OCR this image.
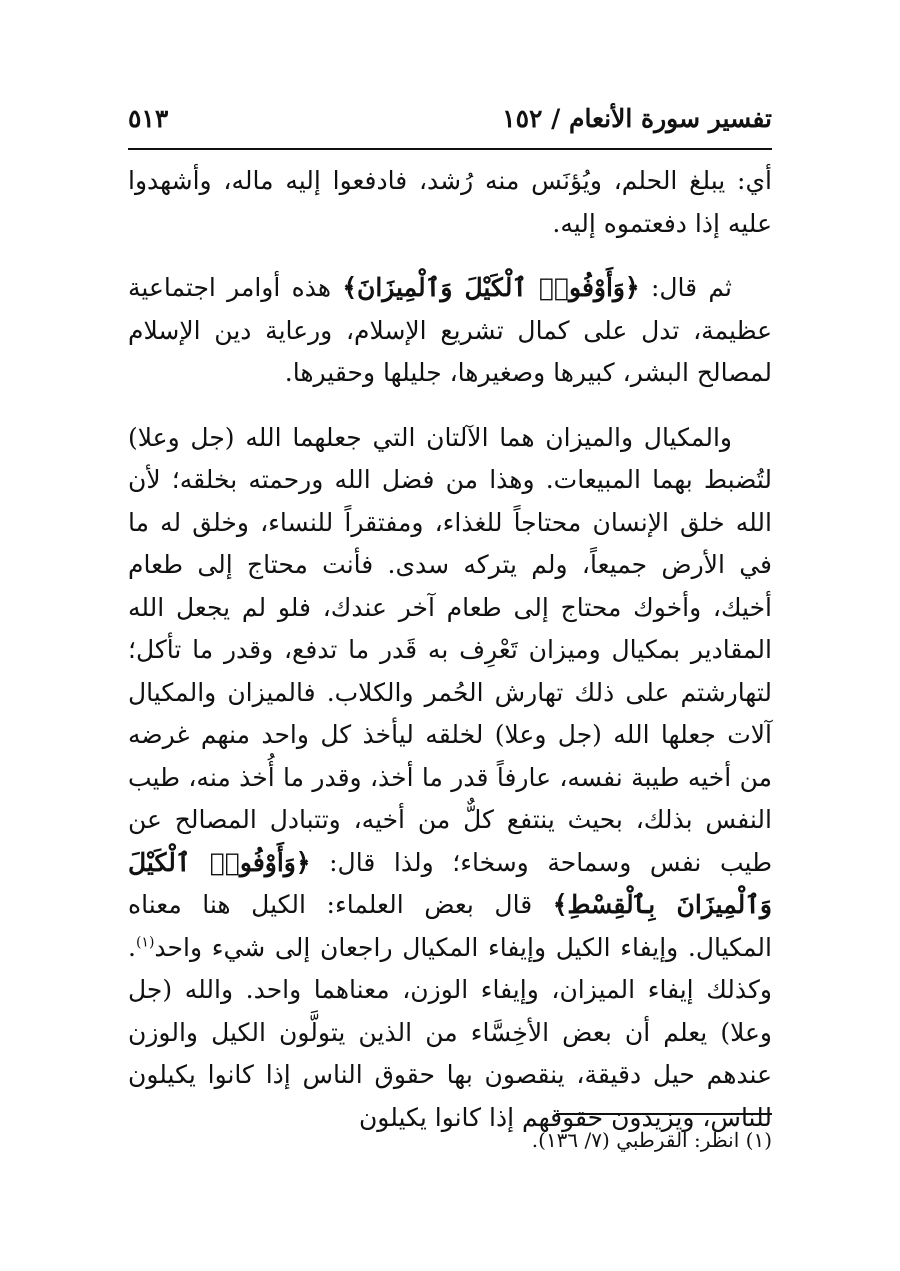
تفسير سورة الأنعام / ١٥٢
٥١٣

أي: يبلغ الحلم، ويُؤنَس منه رُشد، فادفعوا إليه ماله، وأشهدوا عليه إذا دفعتموه إليه.

ثم قال: ﴿وَأَوْفُوا۟ ٱلْكَيْلَ وَٱلْمِيزَانَ﴾ هذه أوامر اجتماعية عظيمة، تدل على كمال تشريع الإسلام، ورعاية دين الإسلام لمصالح البشر، كبيرها وصغيرها، جليلها وحقيرها.

والمكيال والميزان هما الآلتان التي جعلهما الله (جل وعلا) لتُضبط بهما المبيعات. وهذا من فضل الله ورحمته بخلقه؛ لأن الله خلق الإنسان محتاجاً للغذاء، ومفتقراً للنساء، وخلق له ما في الأرض جميعاً، ولم يتركه سدى. فأنت محتاج إلى طعام أخيك، وأخوك محتاج إلى طعام آخر عندك، فلو لم يجعل الله المقادير بمكيال وميزان تَعْرِف به قَدر ما تدفع، وقدر ما تأكل؛ لتهارشتم على ذلك تهارش الحُمر والكلاب. فالميزان والمكيال آلات جعلها الله (جل وعلا) لخلقه ليأخذ كل واحد منهم غرضه من أخيه طيبة نفسه، عارفاً قدر ما أخذ، وقدر ما أُخذ منه، طيب النفس بذلك، بحيث ينتفع كلٌّ من أخيه، وتتبادل المصالح عن طيب نفس وسماحة وسخاء؛ ولذا قال: ﴿وَأَوْفُوا۟ ٱلْكَيْلَ وَٱلْمِيزَانَ بِٱلْقِسْطِ﴾ قال بعض العلماء: الكيل هنا معناه المكيال. وإيفاء الكيل وإيفاء المكيال راجعان إلى شيء واحد$^{(١)}$. وكذلك إيفاء الميزان، وإيفاء الوزن، معناهما واحد. والله (جل وعلا) يعلم أن بعض الأخِسَّاء من الذين يتولَّون الكيل والوزن عندهم حيل دقيقة، ينقصون بها حقوق الناس إذا كانوا يكيلون للناس، ويزيدون حقوقهم إذا كانوا يكيلون

(١) انظر: القرطبي (٧/ ١٣٦).
